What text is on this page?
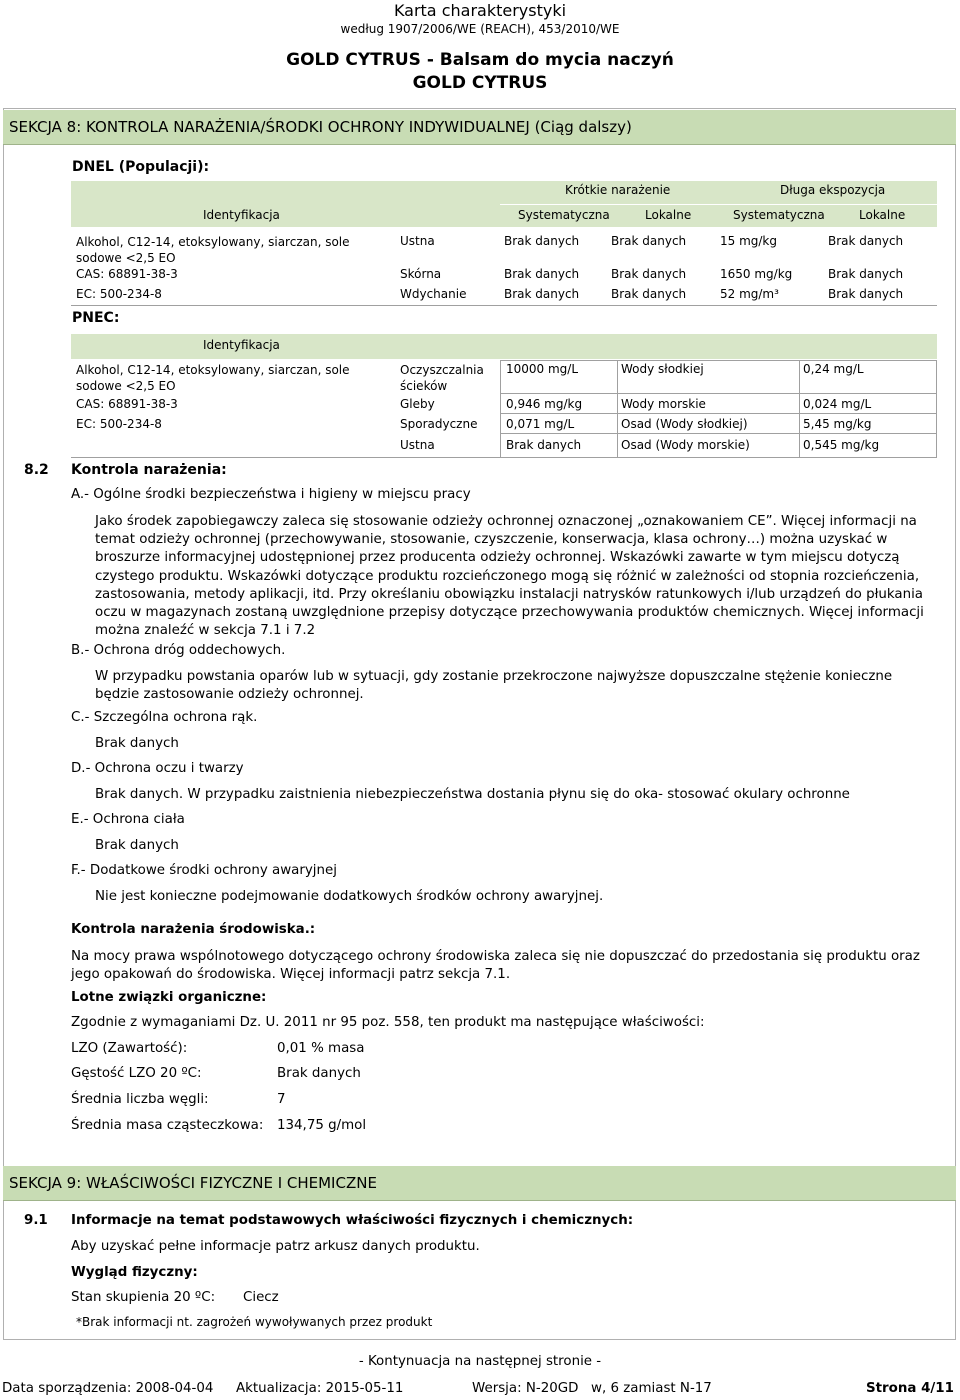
Karta charakterystyki
według 1907/2006/WE (REACH), 453/2010/WE
GOLD CYTRUS - Balsam do mycia naczyń
GOLD CYTRUS
SEKCJA 8: KONTROLA NARAŻENIA/ŚRODKI OCHRONY INDYWIDUALNEJ (Ciąg dalszy)
DNEL (Populacji):
Krótkie narażenie	Długa ekspozycja
Identyfikacja	Systematyczna	Lokalne	Systematyczna	Lokalne
Alkohol, C12-14, etoksylowany, siarczan, sole sodowe <2,5 EO
CAS: 68891-38-3
EC: 500-234-8
Ustna	Brak danych	Brak danych	15 mg/kg	Brak danych
Skórna	Brak danych	Brak danych	1650 mg/kg	Brak danych
Wdychanie	Brak danych	Brak danych	52 mg/m³	Brak danych
PNEC:
Identyfikacja
Alkohol, C12-14, etoksylowany, siarczan, sole sodowe <2,5 EO
CAS: 68891-38-3
EC: 500-234-8
Oczyszczalnia ścieków
10000 mg/L	Wody słodkiej	0,24 mg/L
Gleby	0,946 mg/kg	Wody morskie	0,024 mg/L
Sporadyczne 0,071 mg/L	Osad (Wody słodkiej)	5,45 mg/kg
Ustna	Brak danych	Osad (Wody morskie)	0,545 mg/kg
8.2 Kontrola narażenia:
A.- Ogólne środki bezpieczeństwa i higieny w miejscu pracy
Jako środek zapobiegawczy zaleca się stosowanie odzieży ochronnej oznaczonej „oznakowaniem CE”. Więcej informacji na temat odzieży ochronnej (przechowywanie, stosowanie, czyszczenie, konserwacja, klasa ochrony…) można uzyskać w broszurze informacyjnej udostępnionej przez producenta odzieży ochronnej. Wskazówki zawarte w tym miejscu dotyczą czystego produktu. Wskazówki dotyczące produktu rozcieńczonego mogą się różnić w zależności od stopnia rozcieńczenia, zastosowania, metody aplikacji, itd. Przy określaniu obowiązku instalacji natrysków ratunkowych i/lub urządzeń do płukania oczu w magazynach zostaną uwzględnione przepisy dotyczące przechowywania produktów chemicznych. Więcej informacji można znaleźć w sekcja 7.1 i 7.2
B.- Ochrona dróg oddechowych.
W przypadku powstania oparów lub w sytuacji, gdy zostanie przekroczone najwyższe dopuszczalne stężenie konieczne będzie zastosowanie odzieży ochronnej.
C.- Szczególna ochrona rąk.
Brak danych
D.- Ochrona oczu i twarzy
Brak danych. W przypadku zaistnienia niebezpieczeństwa dostania płynu się do oka- stosować okulary ochronne
E.- Ochrona ciała
Brak danych
F.- Dodatkowe środki ochrony awaryjnej
Nie jest konieczne podejmowanie dodatkowych środków ochrony awaryjnej.
Kontrola narażenia środowiska.:
Na mocy prawa wspólnotowego dotyczącego ochrony środowiska zaleca się nie dopuszczać do przedostania się produktu oraz jego opakowań do środowiska. Więcej informacji patrz sekcja 7.1.
Lotne związki organiczne:
Zgodnie z wymaganiami Dz. U. 2011 nr 95 poz. 558, ten produkt ma następujące właściwości:
LZO (Zawartość):	0,01 % masa
Gęstość LZO 20 ºC:	Brak danych
Średnia liczba węgli:	7
Średnia masa cząsteczkowa: 134,75 g/mol
SEKCJA 9: WŁAŚCIWOŚCI FIZYCZNE I CHEMICZNE
9.1 Informacje na temat podstawowych właściwości fizycznych i chemicznych:
Aby uzyskać pełne informacje patrz arkusz danych produktu.
Wygląd fizyczny:
Stan skupienia 20 ºC: Ciecz
*Brak informacji nt. zagrożeń wywoływanych przez produkt
- Kontynuacja na następnej stronie -
Data sporządzenia: 2008-04-04 Aktualizacja: 2015-05-11	Wersja: N-20GD w, 6 zamiast N-17	Strona 4/11
